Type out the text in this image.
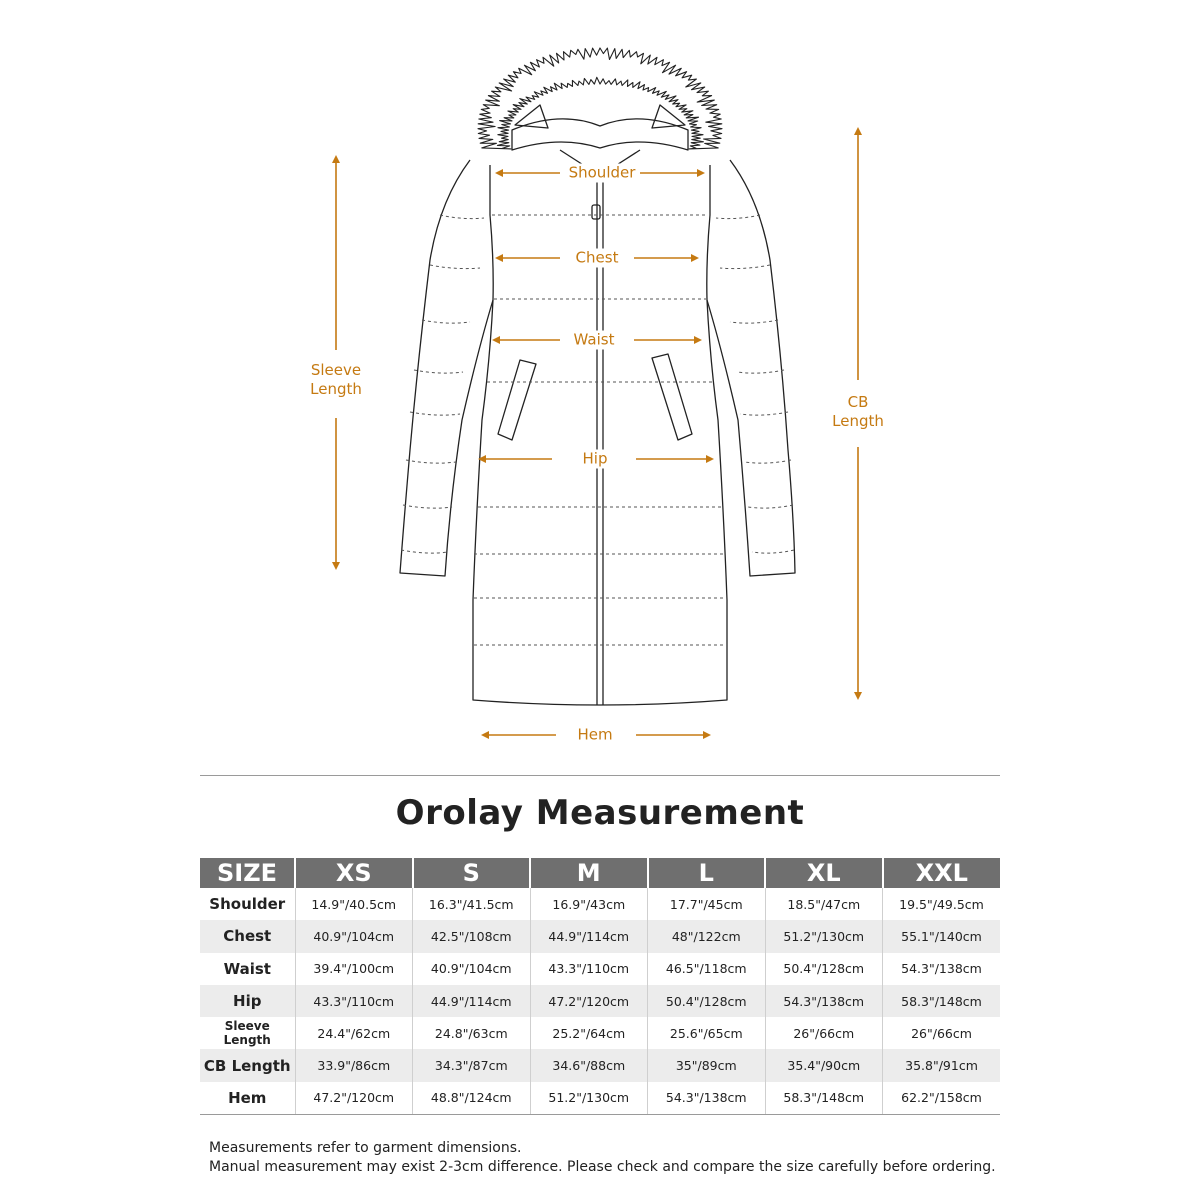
Shoulder
Chest
Waist
Hip
Hem
Sleeve
Length
CB
Length
Orolay Measurement
SIZE	XS	S	M	L	XL	XXL
Shoulder	14.9"/40.5cm	16.3"/41.5cm	16.9"/43cm	17.7"/45cm	18.5"/47cm	19.5"/49.5cm
Chest	40.9"/104cm	42.5"/108cm	44.9"/114cm	48"/122cm	51.2"/130cm	55.1"/140cm
Waist	39.4"/100cm	40.9"/104cm	43.3"/110cm	46.5"/118cm	50.4"/128cm	54.3"/138cm
Hip	43.3"/110cm	44.9"/114cm	47.2"/120cm	50.4"/128cm	54.3"/138cm	58.3"/148cm
Sleeve Length	24.4"/62cm	24.8"/63cm	25.2"/64cm	25.6"/65cm	26"/66cm	26"/66cm
CB Length	33.9"/86cm	34.3"/87cm	34.6"/88cm	35"/89cm	35.4"/90cm	35.8"/91cm
Hem	47.2"/120cm	48.8"/124cm	51.2"/130cm	54.3"/138cm	58.3"/148cm	62.2"/158cm
Measurements refer to garment dimensions.
Manual measurement may exist 2-3cm difference. Please check and compare the size carefully before ordering.
